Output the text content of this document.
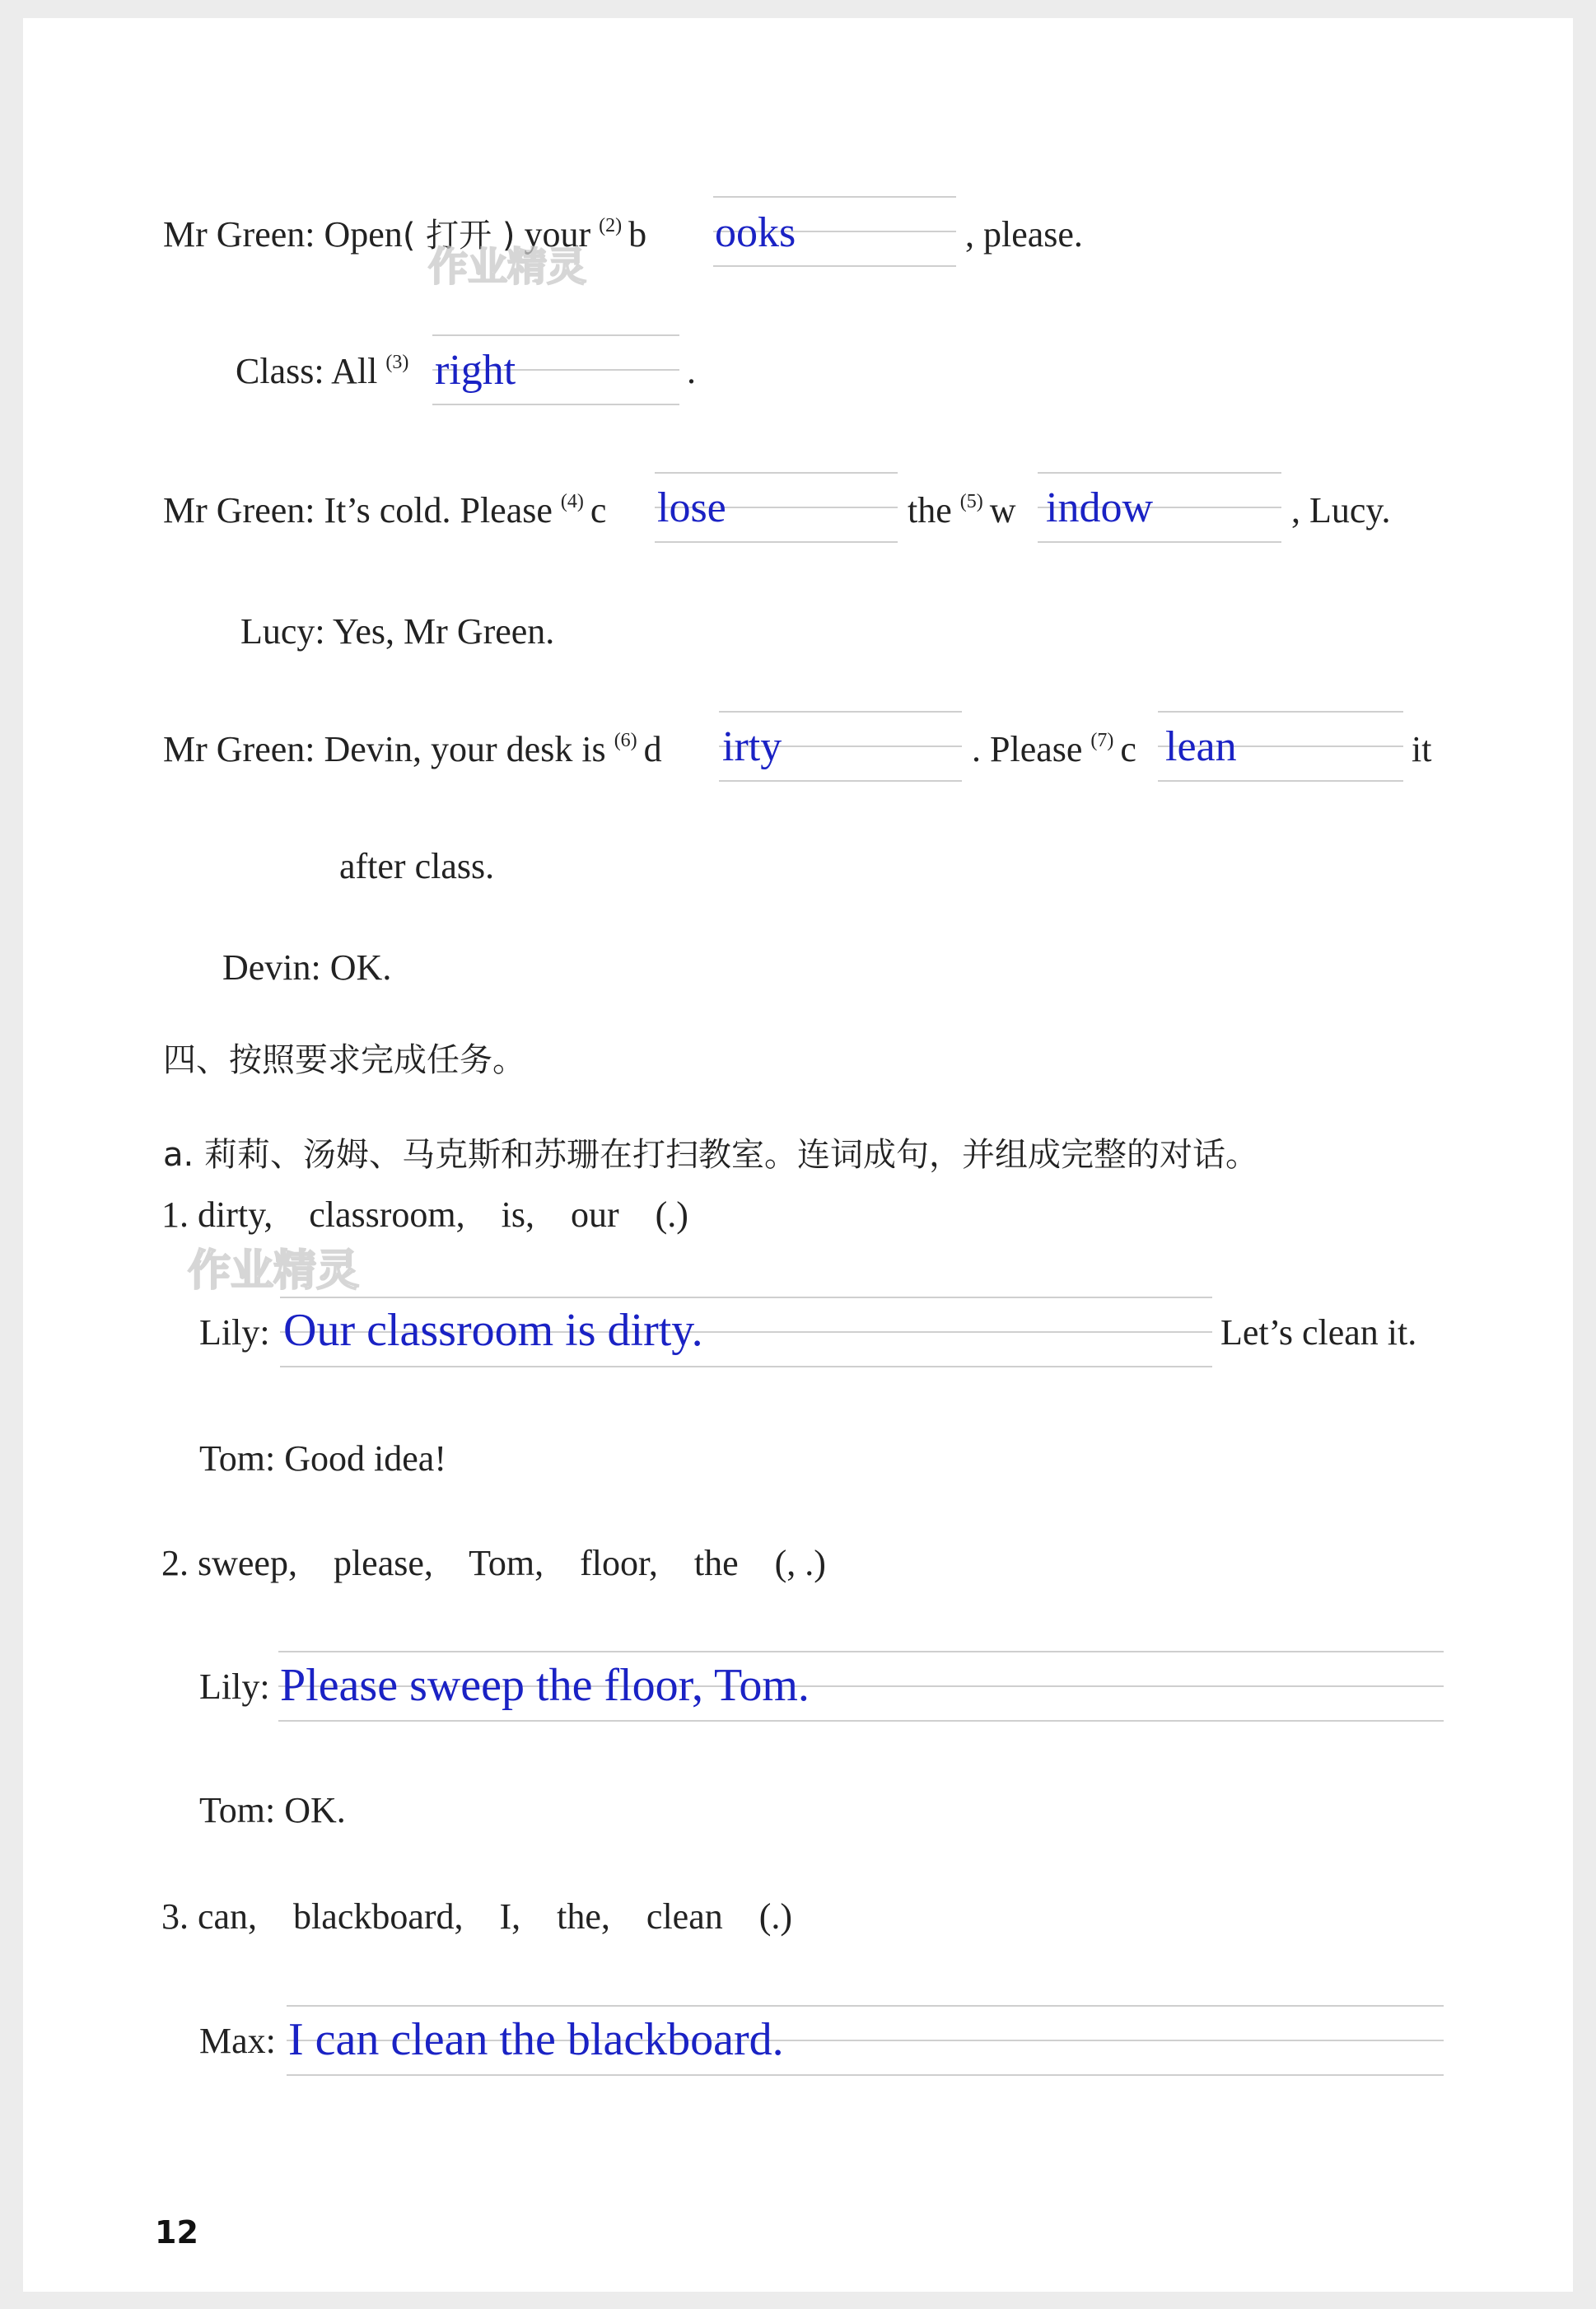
Mr Green: Open( 打开 ) your $^{(2)}$ b ooks	, please.
Class: All $^{(3)}$ right	.
Mr Green: It’s cold. Please $^{(4)}$ c lose	the $^{(5)}$ w indow	, Lucy.
Lucy: Yes, Mr Green.
Mr Green: Devin, your desk is $^{(6)}$ d irty	. Please $^{(7)}$ c lean	it
after class.
Devin: OK.
四、按照要求完成任务。
a. 莉莉、汤姆、马克斯和苏珊在打扫教室。连词成句，并组成完整的对话。
1. dirty,    classroom,    is,    our    (.)
Lily: Our classroom is dirty.	Let’s clean it.
Tom: Good idea!
2. sweep,    please,    Tom,    floor,    the    (, .)
Lily: Please sweep the floor, Tom.
Tom: OK.
3. can,    blackboard,    I,    the,    clean    (.)
Max: I can clean the blackboard.
作业精灵
作业精灵
12
